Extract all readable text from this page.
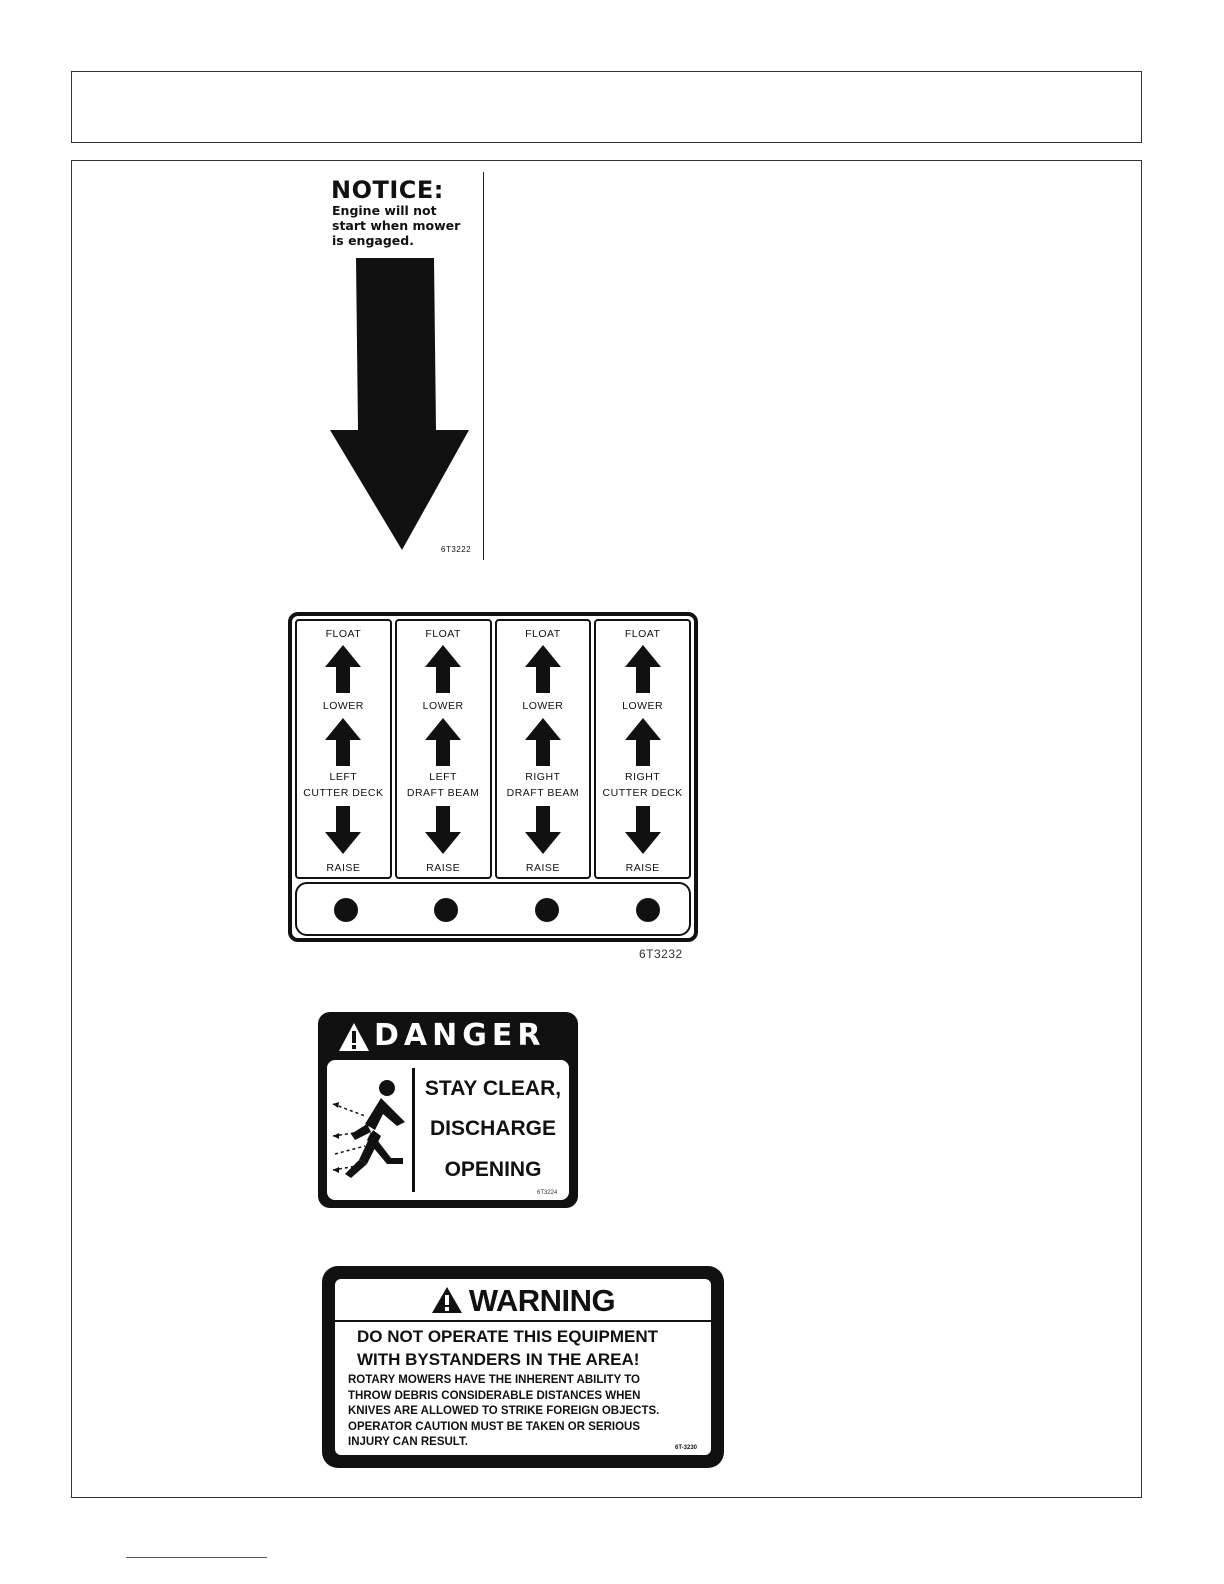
NOTICE:
Engine will not
start when mower
is engaged.
6T3222
FLOAT
LOWER
LEFT
CUTTER DECK
RAISE
FLOAT
LOWER
LEFT
DRAFT BEAM
RAISE
FLOAT
LOWER
RIGHT
DRAFT BEAM
RAISE
FLOAT
LOWER
RIGHT
CUTTER DECK
RAISE
6T3232
DANGER
STAY CLEAR,
DISCHARGE
OPENING
6T3224
WARNING
DO NOT OPERATE THIS EQUIPMENT
WITH BYSTANDERS IN THE AREA!
ROTARY MOWERS HAVE THE INHERENT ABILITY TO
THROW DEBRIS CONSIDERABLE DISTANCES WHEN
KNIVES ARE ALLOWED TO STRIKE FOREIGN OBJECTS.
OPERATOR CAUTION MUST BE TAKEN OR SERIOUS
INJURY CAN RESULT.	6T-3230
